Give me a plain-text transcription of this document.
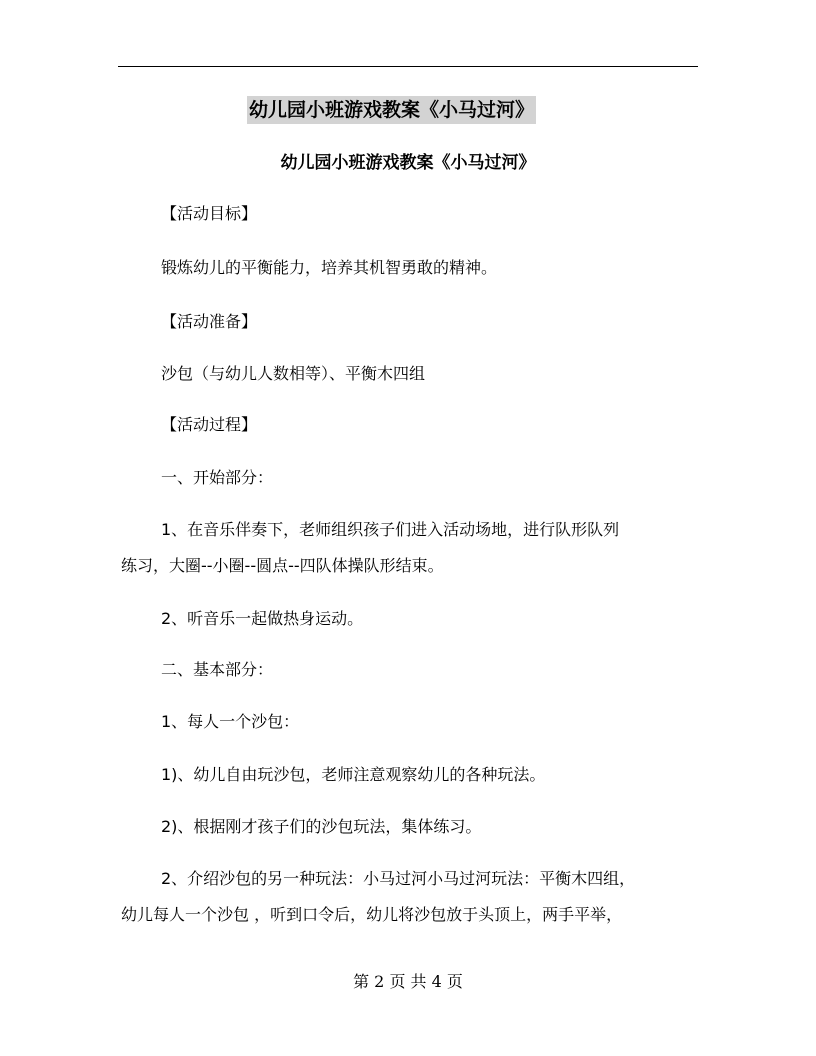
幼儿园小班游戏教案《小马过河》
幼儿园小班游戏教案《小马过河》
【活动目标】
锻炼幼儿的平衡能力，培养其机智勇敢的精神。
【活动准备】
沙包（与幼儿人数相等）、平衡木四组
【活动过程】
一、开始部分：
1、在音乐伴奏下，老师组织孩子们进入活动场地，进行队形队列
练习，大圈--小圈--圆点--四队体操队形结束。
2、听音乐一起做热身运动。
二、基本部分：
1、每人一个沙包：
1)、幼儿自由玩沙包，老师注意观察幼儿的各种玩法。
2)、根据刚才孩子们的沙包玩法，集体练习。
2、介绍沙包的另一种玩法：小马过河小马过河玩法：平衡木四组，
幼儿每人一个沙包 ，听到口令后，幼儿将沙包放于头顶上，两手平举，
第 2 页 共 4 页
